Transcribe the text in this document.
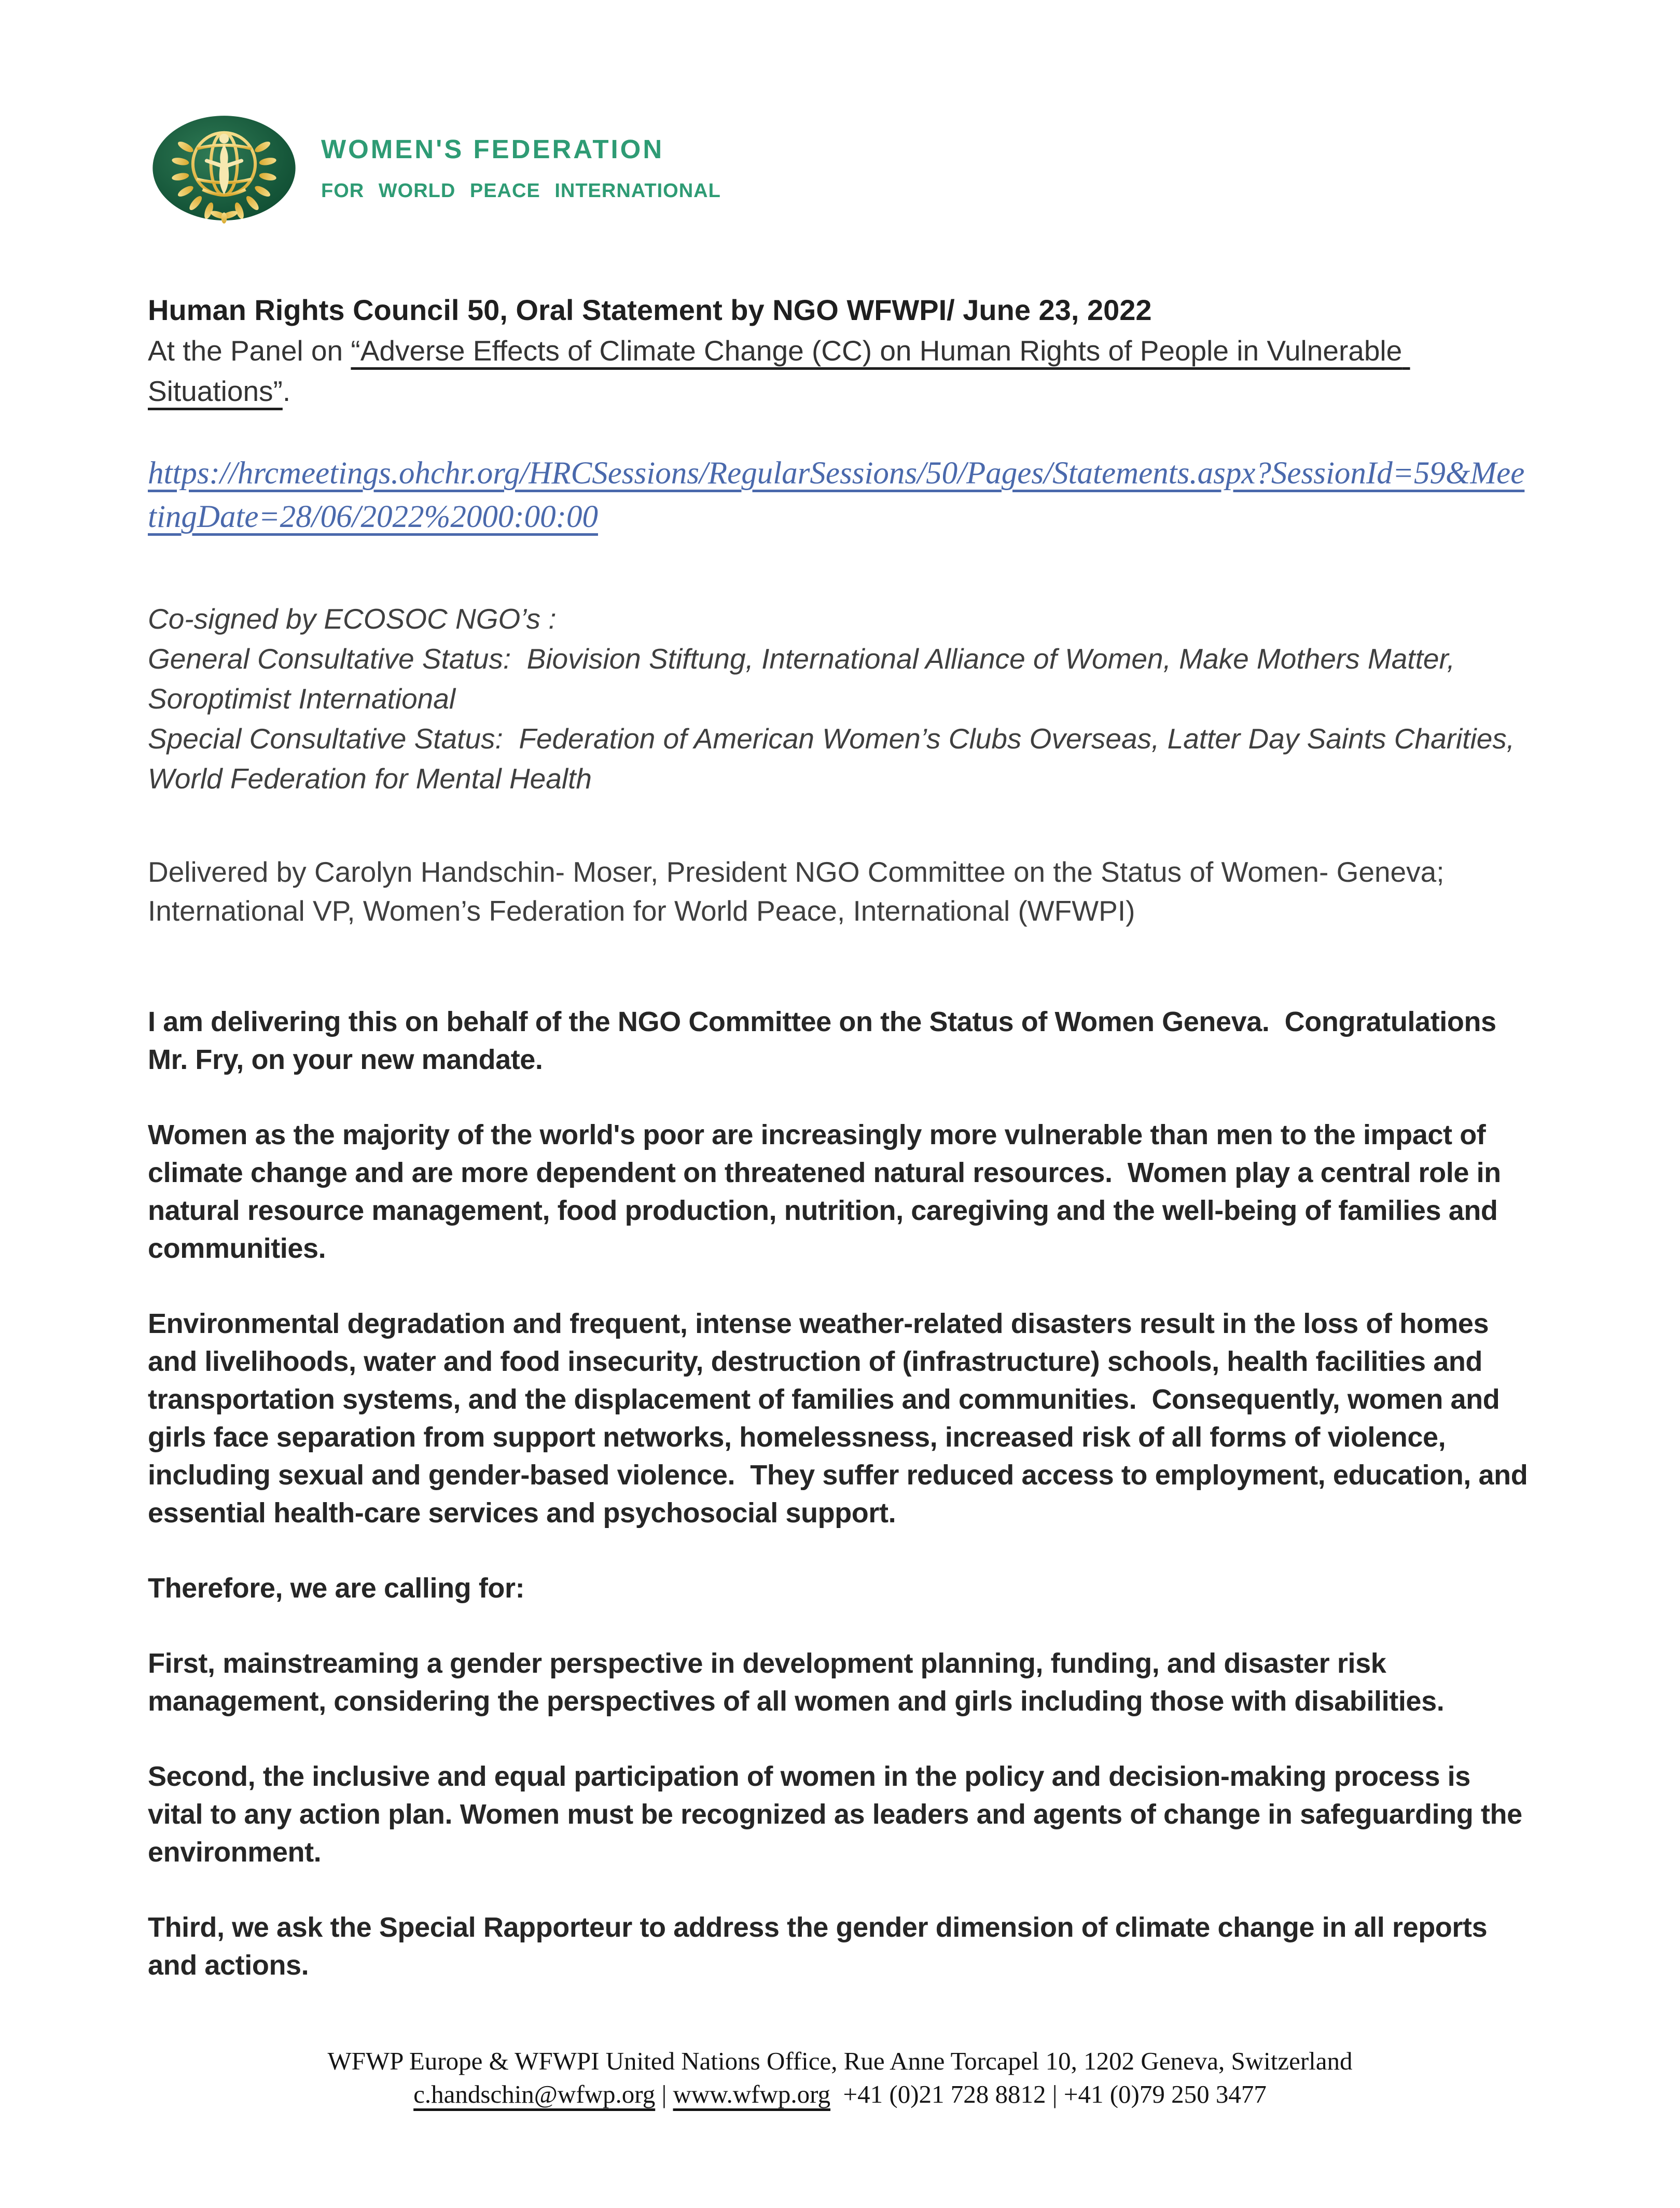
WOMEN'S FEDERATION
FOR WORLD PEACE INTERNATIONAL
Human Rights Council 50, Oral Statement by NGO WFWPI/ June 23, 2022
At the Panel on “Adverse Effects of Climate Change (CC) on Human Rights of People in Vulnerable Situations”.
https://hrcmeetings.ohchr.org/HRCSessions/RegularSessions/50/Pages/Statements.aspx?SessionId=59&MeetingDate=28/06/2022%2000:00:00

Co-signed by ECOSOC NGO’s :

General Consultative Status:  Biovision Stiftung, International Alliance of Women, Make Mothers Matter, Soroptimist International

Special Consultative Status:  Federation of American Women’s Clubs Overseas, Latter Day Saints Charities, World Federation for Mental Health

Delivered by Carolyn Handschin- Moser, President NGO Committee on the Status of Women- Geneva; International VP, Women’s Federation for World Peace, International (WFWPI)

I am delivering this on behalf of the NGO Committee on the Status of Women Geneva.  Congratulations Mr. Fry, on your new mandate.

Women as the majority of the world's poor are increasingly more vulnerable than men to the impact of climate change and are more dependent on threatened natural resources.  Women play a central role in natural resource management, food production, nutrition, caregiving and the well-being of families and communities.

Environmental degradation and frequent, intense weather-related disasters result in the loss of homes and livelihoods, water and food insecurity, destruction of (infrastructure) schools, health facilities and transportation systems, and the displacement of families and communities.  Consequently, women and girls face separation from support networks, homelessness, increased risk of all forms of violence, including sexual and gender-based violence.  They suffer reduced access to employment, education, and essential health-care services and psychosocial support.

Therefore, we are calling for:

First, mainstreaming a gender perspective in development planning, funding, and disaster risk management, considering the perspectives of all women and girls including those with disabilities.

Second, the inclusive and equal participation of women in the policy and decision-making process is vital to any action plan. Women must be recognized as leaders and agents of change in safeguarding the environment.

Third, we ask the Special Rapporteur to address the gender dimension of climate change in all reports and actions.

WFWP Europe & WFWPI United Nations Office, Rue Anne Torcapel 10, 1202 Geneva, Switzerland
c.handschin@wfwp.org | www.wfwp.org  +41 (0)21 728 8812 | +41 (0)79 250 3477
